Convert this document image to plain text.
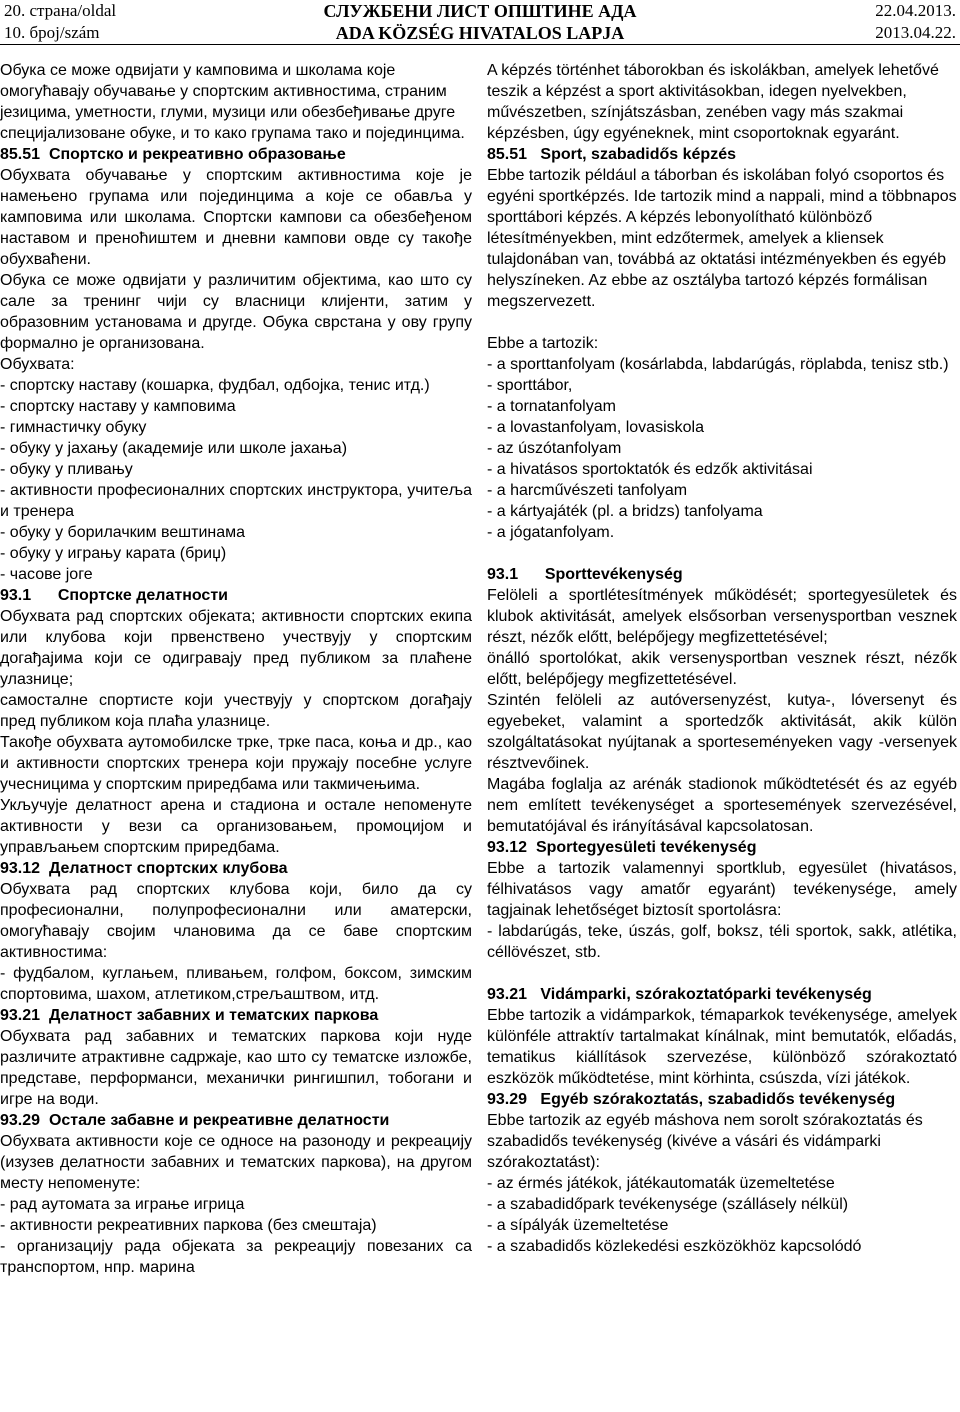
20. страна/oldal
10. број/szám
СЛУЖБЕНИ ЛИСТ ОПШТИНЕ АДА
ADA KÖZSÉG HIVATALOS LAPJA
22.04.2013.
2013.04.22.

Обука се може одвијати у кампoвима и школама које омогућавају обучавање у спортским активностима, страним језицима, уметности, глуми, музици или обезбеђивање друге специјализоване обуке, и то како групама тако и појединцима.

85.51 Спортско и рекреативно образовање

Обухвата обучавање у спортским активностима које је намењено групама или појединцима а које се обавља у кампoвима или школама. Спортски кампови са обезбеђеном наставом и преноћиштем и дневни кампови овде су такође обухваћени.

Обука се може одвијати у различитим објектима, као што су сале за тренинг чији су власници клијенти, затим у образовним установама и другде. Обука сврстана у ову групу формално је организована.

Обухвата:

- спортску наставу (кошарка, фудбал, одбојка, тенис итд.)

- спортску наставу у камповима

- гимнастичку обуку

- обуку у јахању (академије или школе јахања)

- обуку у пливању

- активности професионалних спортских инструктора, учитеља и тренера

- обуку у борилачким вештинама

- обуку у игрању карата (бриџ)

- часове јоге

93.1 Спортске делатности

Обухвата рад спортских објеката; активности спортских екипа или клубова који првенствено учествују у спортским догађајима који се одигравају пред публиком за плаћене улазнице;

самосталне спортисте који учествују у спортском догађају пред публиком која плаћа улазнице.

Такође обухвата аутомобилске трке, трке паса, коња и др., као и активности спортских тренера који пружају посебне услуге учесницима у спортским приредбама или такмичењима.

Укључује делатност арена и стадиона и остале непоменуте активности у вези са организовањем, промоцијом и управљањем спортским приредбама.

93.12 Делатност спортских клубова

Обухвата рад спортских клубова који, било да су професионални, полупрофесионални или аматерски, омогућавају својим члановима да се баве спортским активностима:

- фудбалом, куглањем, пливањем, голфом, боксом, зимским спортовима, шахом, атлетиком,стрељаштвом, итд.

93.21 Делатност забавних и тематских паркова

Обухвата рад забавних и тематских паркова који нуде различите атрактивне садржаје, као што су тематске изложбе, представе, перформанси, механички рингишпил, тобогани и игре на води.

93.29 Остале забавне и рекреативне делатности

Обухвата активности које се односе на разоноду и рекреацију (изузев делатности забавних и тематских паркова), на другом месту непоменуте:

- рад аутомата за играње игрица

- активности рекреативних паркова (без смештаја)

- организацију рада објеката за рекреацију повезаних са транспортом, нпр. марина

A képzés történhet táborokban és iskolákban, amelyek lehetővé teszik a képzést a sport aktivitásokban, idegen nyelvekben, művészetben, színjátszásban, zenében vagy más szakmai képzésben, úgy egyéneknek, mint csoportoknak egyaránt.

85.51 Sport, szabadidős képzés

Ebbe tartozik például a táborban és iskolában folyó csoportos és egyéni sportképzés. Ide tartozik mind a nappali, mind a többnapos sporttábori képzés. A képzés lebonyolítható különböző létesítményekben, mint edzőtermek, amelyek a kliensek tulajdonában van, továbbá az oktatási intézményekben és egyéb helyszíneken. Az ebbe az osztályba tartozó képzés formálisan megszervezett.

Ebbe a tartozik:

- a sporttanfolyam (kosárlabda, labdarúgás, röplabda, tenisz stb.)

- sporttábor,

- a tornatanfolyam

- a lovastanfolyam, lovasiskola

- az úszótanfolyam

- a hivatásos sportoktatók és edzők aktivitásai

- a harcművészeti tanfolyam

- a kártyajáték (pl. a bridzs) tanfolyama

- a jógatanfolyam.

93.1 Sporttevékenység

Felöleli a sportlétesítmények működését; sportegyesületek és klubok aktivitását, amelyek elsősorban versenysportban vesznek részt, nézők előtt, belépőjegy megfizettetésével;

önálló sportolókat, akik versenysportban vesznek részt, nézők előtt, belépőjegy megfizettetésével.

Szintén felöleli az autóversenyzést, kutya-, lóversenyt és egyebeket, valamint a sportedzők aktivitását, akik külön szolgáltatásokat nyújtanak a sporteseményeken vagy -versenyek résztvevőinek.

Magába foglalja az arénák stadionok működtetését és az egyéb nem említett tevékenységet a sportesemények szervezésével, bemutatójával és irányításával kapcsolatosan.

93.12 Sportegyesületi tevékenység

Ebbe a tartozik valamennyi sportklub, egyesület (hivatásos, félhivatásos vagy amatőr egyaránt) tevékenysége, amely tagjainak lehetőséget biztosít sportolásra:

- labdarúgás, teke, úszás, golf, boksz, téli sportok, sakk, atlétika, céllövészet, stb.

93.21 Vidámparki, szórakoztatóparki tevékenység

Ebbe tartozik a vidámparkok, témaparkok tevékenysége, amelyek különféle attraktív tartalmakat kínálnak, mint bemutatók, előadás, tematikus kiállítások szervezése, különböző szórakoztató eszközök működtetése, mint körhinta, csúszda, vízi játékok.

93.29 Egyéb szórakoztatás, szabadidős tevékenység

Ebbe tartozik az egyéb máshova nem sorolt szórakoztatás és szabadidős tevékenység (kivéve a vásári és vidámparki szórakoztatást):

- az érmés játékok, játékautomaták üzemeltetése

- a szabadidőpark tevékenysége (szállásely nélkül)

- a sípályák üzemeltetése

- a szabadidős közlekedési eszközökhöz kapcsolódó
